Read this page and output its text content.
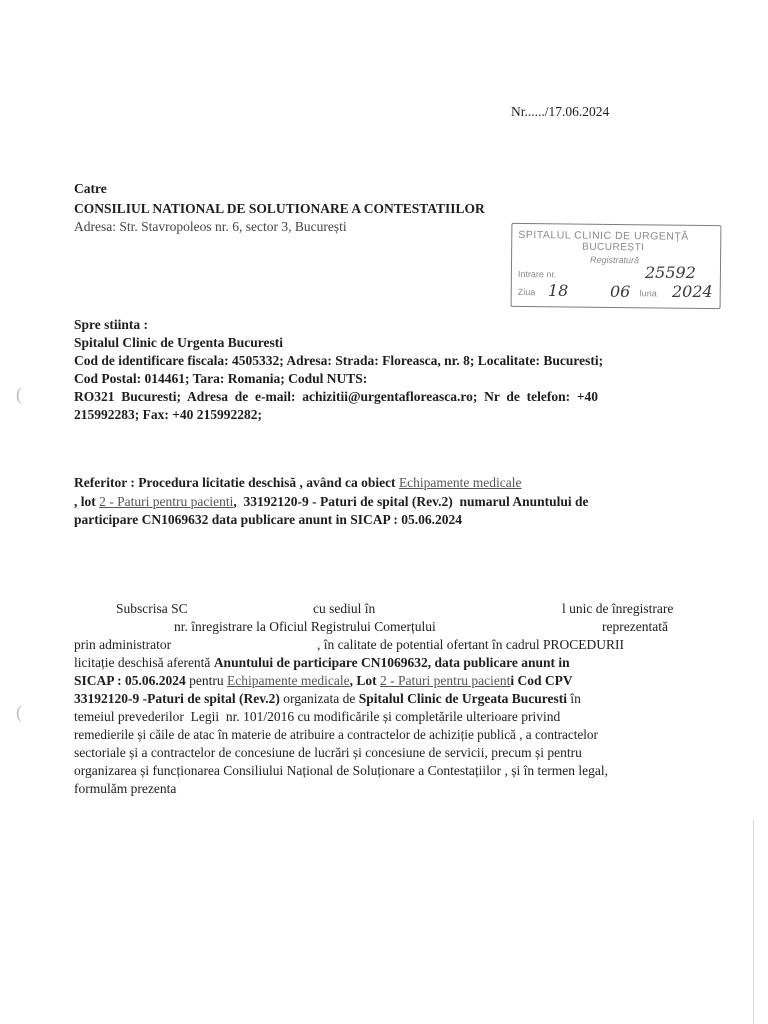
Nr....../17.06.2024
Catre
CONSILIUL NATIONAL DE SOLUTIONARE A CONTESTATIILOR
Adresa: Str. Stavropoleos nr. 6, sector 3, București
SPITALUL CLINIC DE URGENȚĂ
BUCUREȘTI
Registratură
Intrare nr.
Ziua	luna
25592
18	06	2024
Spre stiinta :
Spitalul Clinic de Urgenta Bucuresti
Cod de identificare fiscala: 4505332; Adresa: Strada: Floreasca, nr. 8; Localitate: Bucuresti;
Cod Postal: 014461; Tara: Romania; Codul NUTS:
RO321  Bucuresti;  Adresa  de  e-mail:  achizitii@urgentafloreasca.ro;  Nr  de  telefon:  +40
215992283; Fax: +40 215992282;
Referitor : Procedura licitatie deschisă , având ca obiect Echipamente medicale
, lot 2 - Paturi pentru pacienti,  33192120-9 - Paturi de spital (Rev.2)  numarul Anuntului de
participare CN1069632 data publicare anunt in SICAP : 05.06.2024
Subscrisa SC	cu sediul în	l unic de înregistrare
nr. înregistrare la Oficiul Registrului Comerțului	reprezentată
prin administrator	, în calitate de potential ofertant în cadrul PROCEDURII
licitație deschisă aferentă Anuntului de participare CN1069632, data publicare anunt in
SICAP : 05.06.2024 pentru Echipamente medicale, Lot 2 - Paturi pentru pacienti Cod CPV
33192120-9 -Paturi de spital (Rev.2) organizata de Spitalul Clinic de Urgeata Bucuresti în
temeiul prevederilor  Legii  nr. 101/2016 cu modificările și completările ulterioare privind
remedierile și căile de atac în materie de atribuire a contractelor de achiziție publică , a contractelor
sectoriale și a contractelor de concesiune de lucrări și concesiune de servicii, precum și pentru
organizarea și funcționarea Consiliului Național de Soluționare a Contestațiilor , și în termen legal,
formulăm prezenta
(
(
